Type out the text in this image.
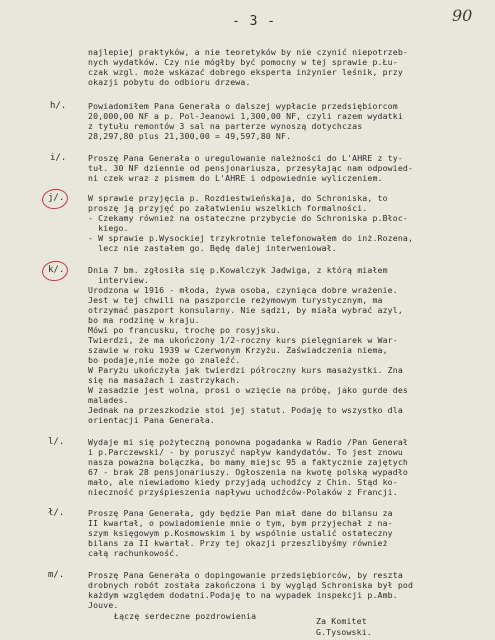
- 3 -	90
najlepiej praktyków, a nie teoretyków by nie czynić niepotrzeb-
nych wydatków. Czy nie mógłby być pomocny w tej sprawie p.Łu-
czak wzgl. może wskazać dobrego eksperta inżynier leśnik, przy
okazji pobytu do odbioru drzewa.
h/.	Powiadomiłem Pana Generała o dalszej wypłacie przedsiębiorcom
20,000,00 NF a p. Pol-Jeanowi 1,300,00 NF, czyli razem wydatki
z tytułu remontów 3 sal na parterze wynoszą dotychczas
28,297,80 plus 21,300,00 = 49,597,80 NF.
i/.	Proszę Pana Generała o uregulowanie należności do L'AHRE z ty-
tuł. 30 NF dziennie od pensjonariusza, przesyłając nam odpowied-
ni czek wraz z pismem do L'AHRE i odpowiednie wyliczeniem.
j/.	W sprawie przyjęcia p. Rozdiestwieńskaja, do Schroniska, to
proszę ją przyjęć po załatwieniu wszelkich formalności.
- Czekamy również na ostateczne przybycie do Schroniska p.Błoc-
kiego.
- W sprawie p.Wysockiej trzykrotnie telefonowałem do inż.Rozena,
lecz nie zastałem go. Będę dalej interweniował.
k/.	Dnia 7 bm. zgłosiła się p.Kowalczyk Jadwiga, z którą miałem
interview.
Urodzona w 1916 - młoda, żywa osoba, czyniąca dobre wrażenie.
Jest w tej chwili na paszporcie reżymowym turystycznym, ma
otrzymać paszport konsularny. Nie sądzi, by miała wybrać azyl,
bo ma rodzinę w kraju.
Mówi po francusku, trochę po rosyjsku.
Twierdzi, że ma ukończony 1/2-roczny kurs pielęgniarek w War-
szawie w roku 1939 w Czerwonym Krzyżu. Zaświadczenia niema,
bo podaje,nie może go znaleźć.
W Paryżu ukończyła jak twierdzi półroczny kurs masażystki. Zna
się na masażach i zastrzykach.
W zasadzie jest wolna, prosi o wzięcie na próbę, jako gurde des
malades.
Jednak na przeszkodzie stoi jej statut. Podaję to wszystko dla
orientacji Pana Generała.
l/.	Wydaje mi się pożyteczną ponowna pogadanka w Radio /Pan Generał
i p.Parczewski/ - by poruszyć napływ kandydatów. To jest znowu
nasza poważna bolączka, bo mamy miejsc 95 a faktycznie zajętych
67 - brak 28 pensjonariuszy. Ogłoszenia na kwotę polską wypadło
mało, ale niewiadomo kiedy przyjadą uchodźcy z Chin. Stąd ko-
nieczność przyśpieszenia napływu uchodźców-Polaków z Francji.
ł/.	Proszę Pana Generała, gdy będzie Pan miał dane do bilansu za
II kwartał, o powiadomienie mnie o tym, bym przyjechał z na-
szym księgowym p.Kosmowskim i by wspólnie ustalić ostateczny
bilans za II kwartał. Przy tej okazji przeszlibyśmy również
całą rachunkowość.
m/.	Proszę Pana Generała o dopingowanie przedsiębiorców, by reszta
drobnych robót została zakończona i by wygląd Schroniska był pod
każdym względem dodatni.Podaję to na wypadek inspekcji p.Amb.
Jouve.
Łączę serdeczne pozdrowienia	Za Komitet
G.Tysowski.
